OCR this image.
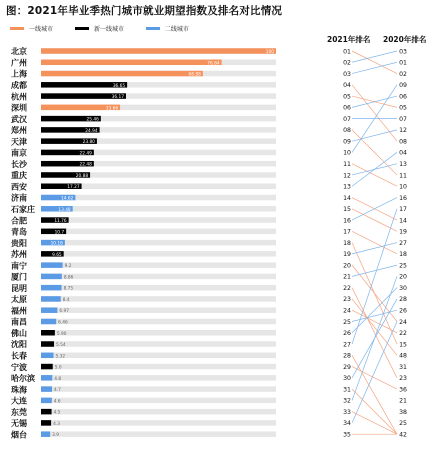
图：2021年毕业季热门城市就业期望指数及排名对比情况
一线城市
	新一线城市
	二线城市
2021年排名 2020年排名
北京	100	01	03
广州	76.84	02	01
上海	68.88	03	02
成都	36.65	04	09
杭州	36.17	05	06
深圳	33.66	06	05
武汉	25.46	07	07
郑州	24.94	08	12
天津	23.80	09	08
南京	22.49	10	04
长沙	22.48	11	13
重庆	20.88	12	11
西安	17.27	13	10
济南	14.62	14	16
石家庄	13.48	15	17
合肥	11.76	16	14
青岛	10.7	17	19
贵阳	10.16	18	27
苏州	9.65	19	18
南宁	9.2	20	25
厦门	8.86	21	20
昆明	8.75	22	30
太原	8.4	23	28
福州	6.97	24	26
南昌	6.46	25	24
佛山	5.90	26	22
沈阳	5.54	27	15
长春	5.32	28	48
宁波	5.0	29	31
哈尔滨	4.8	30	23
珠海	4.7	31	36
大连	4.6	32	21
东莞	4.5	33	38
无锡	4.3	34	25
烟台	3.9	35	42
